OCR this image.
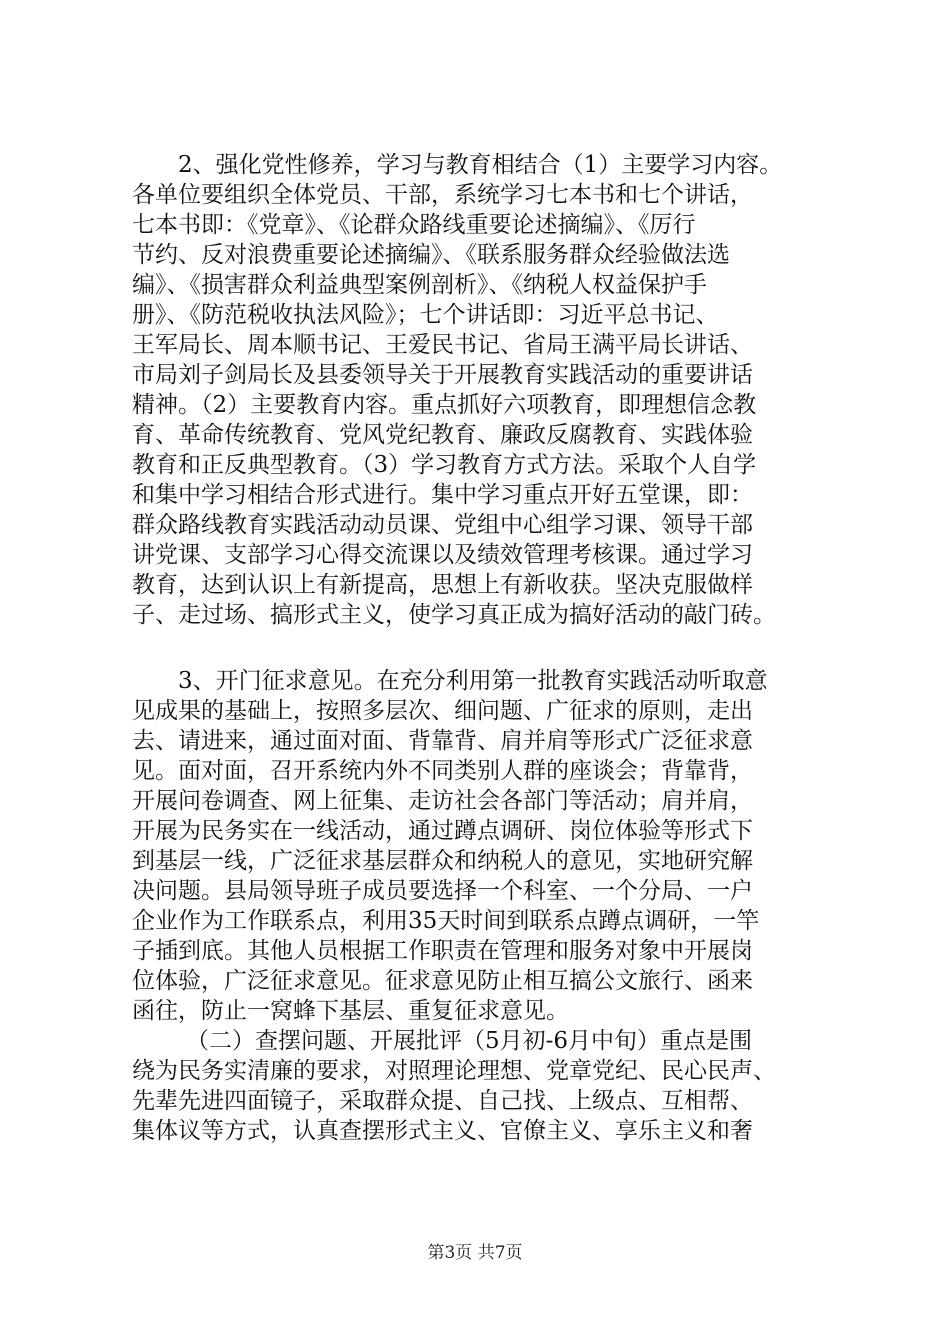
2、强化党性修养，学习与教育相结合（1）主要学习内容。
各单位要组织全体党员、干部，系统学习七本书和七个讲话，
七本书即：《党章》、《论群众路线重要论述摘编》、《厉行
节约、反对浪费重要论述摘编》、《联系服务群众经验做法选
编》、《损害群众利益典型案例剖析》、《纳税人权益保护手
册》、《防范税收执法风险》；七个讲话即：习近平总书记、
王军局长、周本顺书记、王爱民书记、省局王满平局长讲话、
市局刘子剑局长及县委领导关于开展教育实践活动的重要讲话
精神。（2）主要教育内容。重点抓好六项教育，即理想信念教
育、革命传统教育、党风党纪教育、廉政反腐教育、实践体验
教育和正反典型教育。（3）学习教育方式方法。采取个人自学
和集中学习相结合形式进行。集中学习重点开好五堂课，即：
群众路线教育实践活动动员课、党组中心组学习课、领导干部
讲党课、支部学习心得交流课以及绩效管理考核课。通过学习
教育，达到认识上有新提高，思想上有新收获。坚决克服做样
子、走过场、搞形式主义，使学习真正成为搞好活动的敲门砖。
3、开门征求意见。在充分利用第一批教育实践活动听取意
见成果的基础上，按照多层次、细问题、广征求的原则，走出
去、请进来，通过面对面、背靠背、肩并肩等形式广泛征求意
见。面对面，召开系统内外不同类别人群的座谈会；背靠背，
开展问卷调查、网上征集、走访社会各部门等活动；肩并肩，
开展为民务实在一线活动，通过蹲点调研、岗位体验等形式下
到基层一线，广泛征求基层群众和纳税人的意见，实地研究解
决问题。县局领导班子成员要选择一个科室、一个分局、一户
企业作为工作联系点，利用35天时间到联系点蹲点调研，一竿
子插到底。其他人员根据工作职责在管理和服务对象中开展岗
位体验，广泛征求意见。征求意见防止相互搞公文旅行、函来
函往，防止一窝蜂下基层、重复征求意见。
（二）查摆问题、开展批评（5月初-6月中旬）重点是围
绕为民务实清廉的要求，对照理论理想、党章党纪、民心民声、
先辈先进四面镜子，采取群众提、自己找、上级点、互相帮、
集体议等方式，认真查摆形式主义、官僚主义、享乐主义和奢
第3页 共7页
